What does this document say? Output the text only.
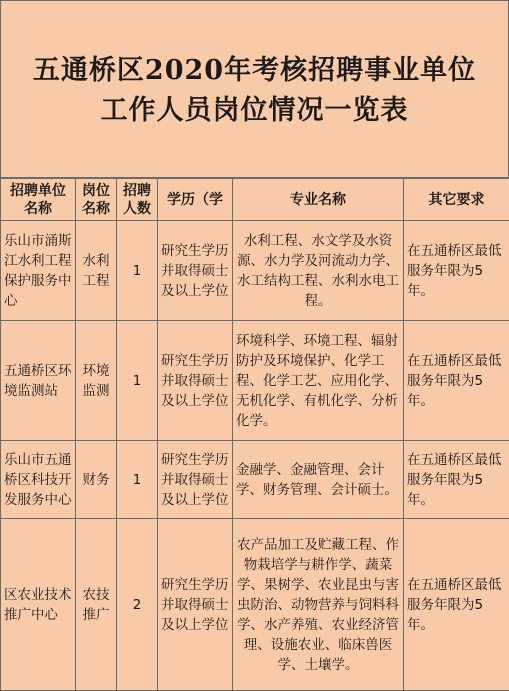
五通桥区2020年考核招聘事业单位工作人员岗位情况一览表
招聘单位名称	岗位名称	招聘人数	学历（学	专业名称	其它要求
乐山市涌斯江水利工程保护服务中心	水利工程	1	研究生学历并取得硕士及以上学位	水利工程、水文学及水资源、水力学及河流动力学、水工结构工程、水利水电工程。	在五通桥区最低服务年限为5年。
五通桥区环境监测站	环境监测	1	研究生学历并取得硕士及以上学位	环境科学、环境工程、辐射防护及环境保护、化学工程、化学工艺、应用化学、无机化学、有机化学、分析化学。	在五通桥区最低服务年限为5年。
乐山市五通桥区科技开发服务中心	财务	1	研究生学历并取得硕士及以上学位	金融学、金融管理、会计学、财务管理、会计硕士。	在五通桥区最低服务年限为5年。
区农业技术推广中心	农技推广	2	研究生学历并取得硕士及以上学位	农产品加工及贮藏工程、作物栽培学与耕作学、蔬菜学、果树学、农业昆虫与害虫防治、动物营养与饲料科学、水产养殖、农业经济管理、设施农业、临床兽医学、土壤学。	在五通桥区最低服务年限为5年。
